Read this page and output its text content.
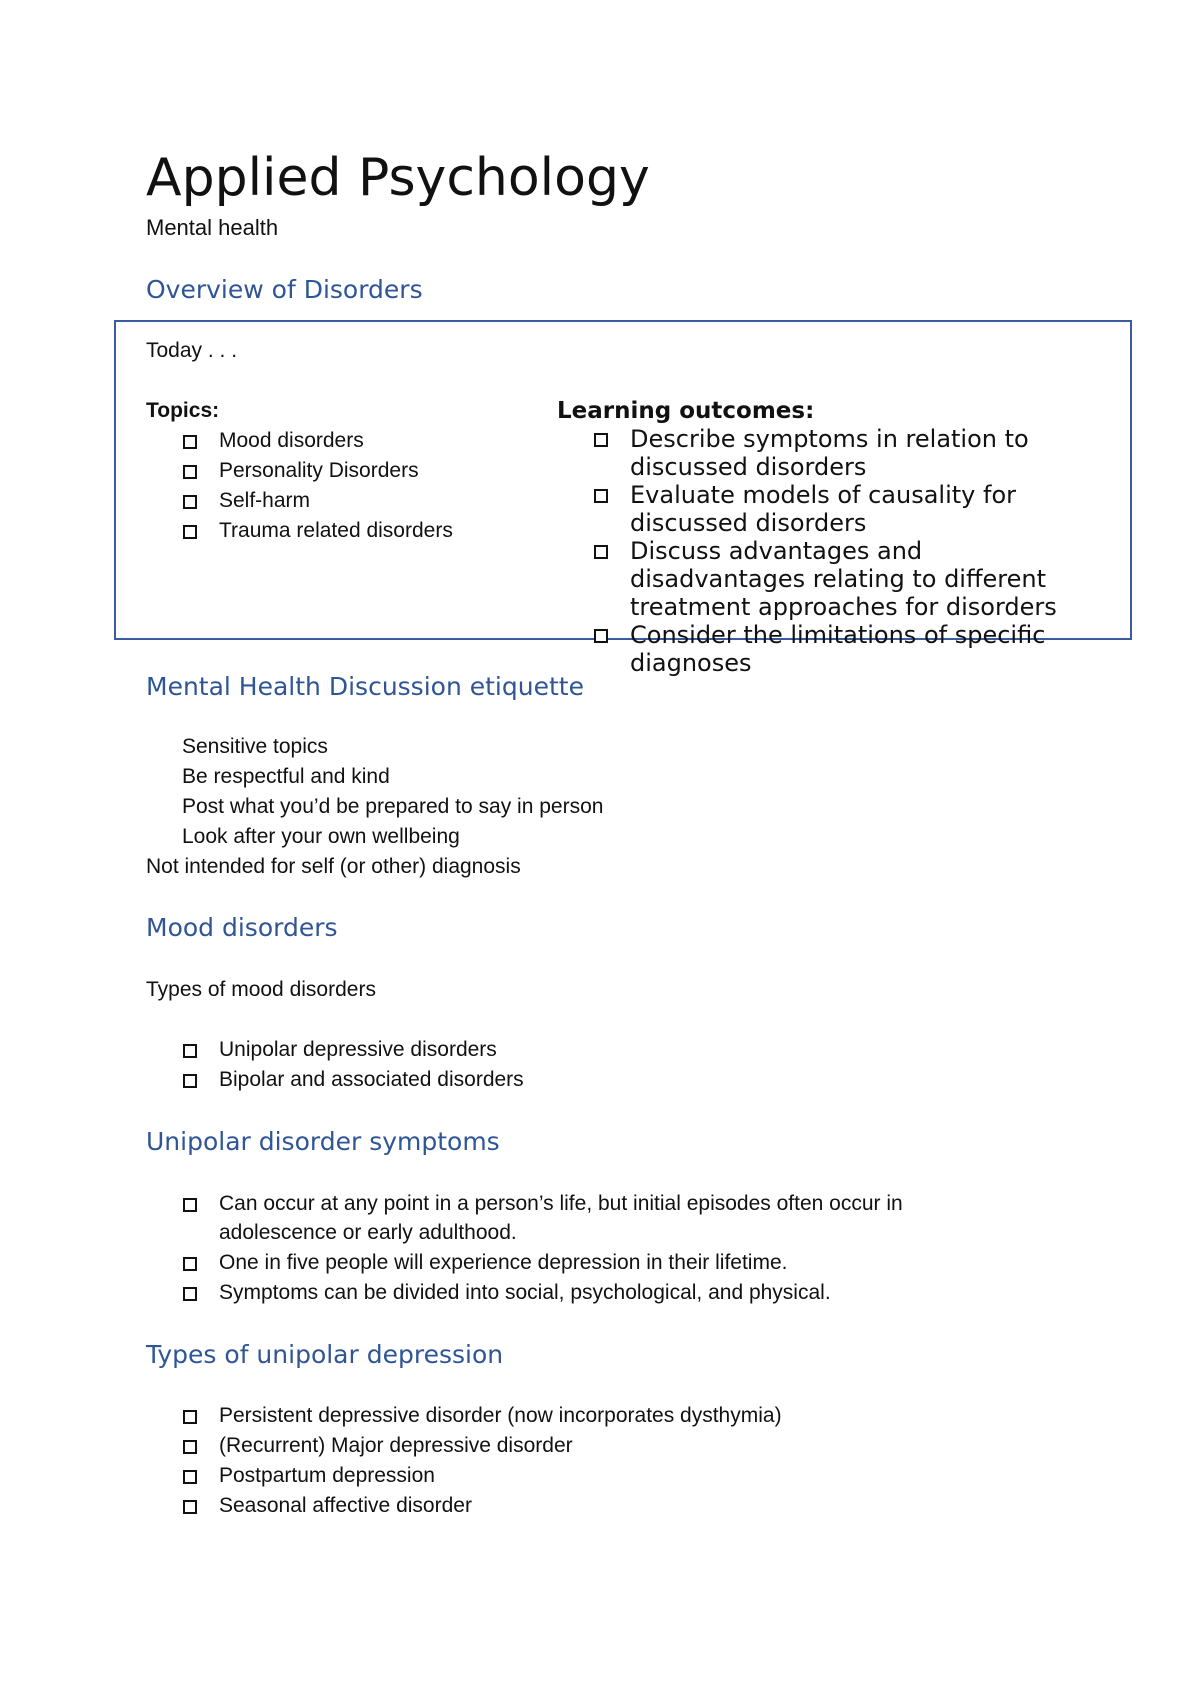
Applied Psychology
Mental health
Overview of Disorders
Today . . .
Topics:
Mood disorders
Personality Disorders
Self-harm
Trauma related disorders
Learning outcomes:
Describe symptoms in relation to
discussed disorders
Evaluate models of causality for
discussed disorders
Discuss advantages and
disadvantages relating to different
treatment approaches for disorders
Consider the limitations of specific
diagnoses
Mental Health Discussion etiquette
Sensitive topics
Be respectful and kind
Post what you’d be prepared to say in person
Look after your own wellbeing
Not intended for self (or other) diagnosis
Mood disorders
Types of mood disorders
Unipolar depressive disorders
Bipolar and associated disorders
Unipolar disorder symptoms
Can occur at any point in a person’s life, but initial episodes often occur in
adolescence or early adulthood.
One in five people will experience depression in their lifetime.
Symptoms can be divided into social, psychological, and physical.
Types of unipolar depression
Persistent depressive disorder (now incorporates dysthymia)
(Recurrent) Major depressive disorder
Postpartum depression
Seasonal affective disorder
